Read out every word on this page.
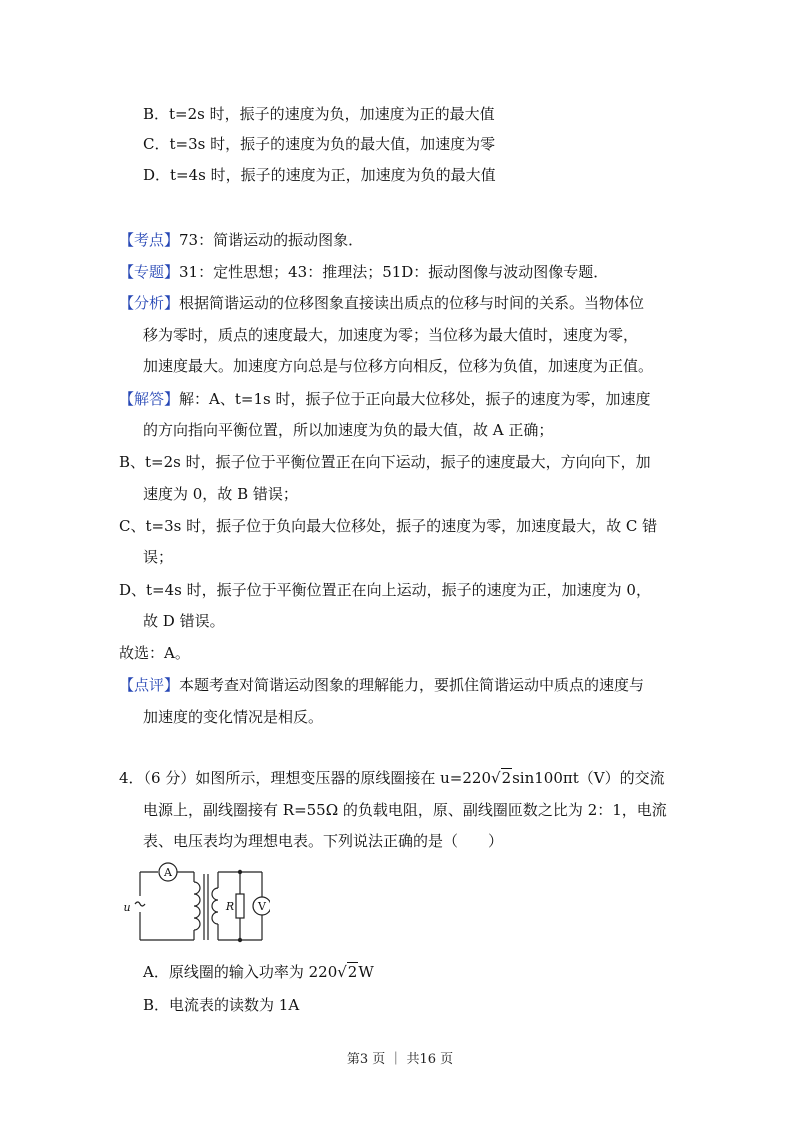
B．t=2s 时，振子的速度为负，加速度为正的最大值
C．t=3s 时，振子的速度为负的最大值，加速度为零
D．t=4s 时，振子的速度为正，加速度为负的最大值
【考点】73：简谐运动的振动图象．
【专题】31：定性思想；43：推理法；51D：振动图像与波动图像专题．
【分析】根据简谐运动的位移图象直接读出质点的位移与时间的关系。当物体位
移为零时，质点的速度最大，加速度为零；当位移为最大值时，速度为零，
加速度最大。加速度方向总是与位移方向相反，位移为负值，加速度为正值。
【解答】解：A、t=1s 时，振子位于正向最大位移处，振子的速度为零，加速度
的方向指向平衡位置，所以加速度为负的最大值，故 A 正确；
B、t=2s 时，振子位于平衡位置正在向下运动，振子的速度最大，方向向下，加
速度为 0，故 B 错误；
C、t=3s 时，振子位于负向最大位移处，振子的速度为零，加速度最大，故 C 错
误；
D、t=4s 时，振子位于平衡位置正在向上运动，振子的速度为正，加速度为 0，
故 D 错误。
故选：A。
【点评】本题考查对简谐运动图象的理解能力，要抓住简谐运动中质点的速度与
加速度的变化情况是相反。
4．（6 分）如图所示，理想变压器的原线圈接在 u=220√2sin100πt（V）的交流
电源上，副线圈接有 R=55Ω 的负载电阻，原、副线圈匝数之比为 2：1，电流
表、电压表均为理想电表。下列说法正确的是（　　）
A
V
R
u
A．原线圈的输入功率为 220√2W
B．电流表的读数为 1A
第3 页 ｜ 共16 页
